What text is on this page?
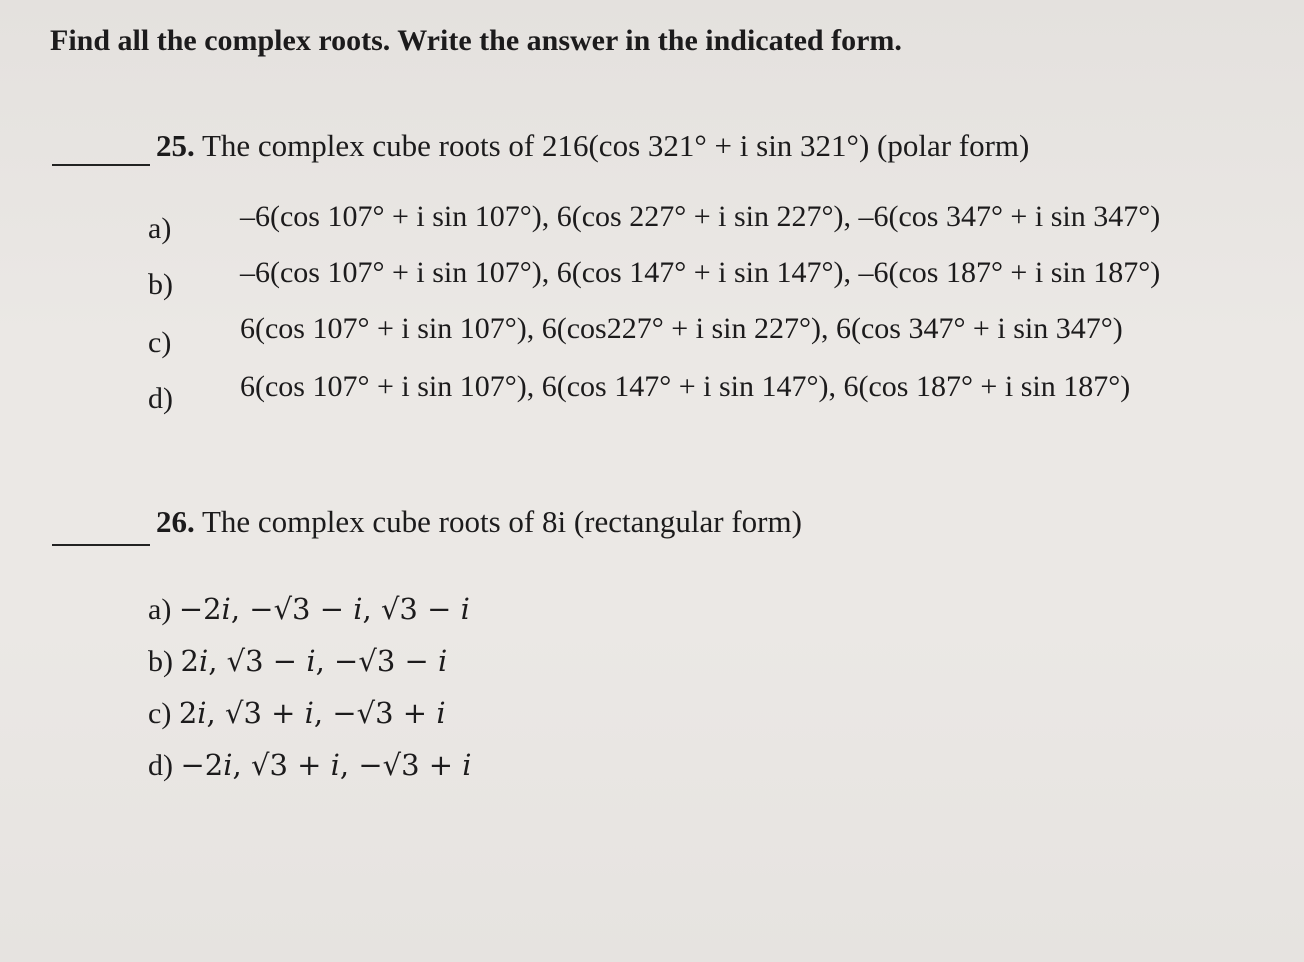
Find all the complex roots. Write the answer in the indicated form.
25. The complex cube roots of 216(cos 321° + i sin 321°) (polar form)
a) –6(cos 107° + i sin 107°), 6(cos 227° + i sin 227°), –6(cos 347° + i sin 347°)
b) –6(cos 107° + i sin 107°), 6(cos 147° + i sin 147°), –6(cos 187° + i sin 187°)
c) 6(cos 107° + i sin 107°), 6(cos227° + i sin 227°), 6(cos 347° + i sin 347°)
d) 6(cos 107° + i sin 107°), 6(cos 147° + i sin 147°), 6(cos 187° + i sin 187°)
26. The complex cube roots of 8i (rectangular form)
a) −2𝑖, −√3 − 𝑖, √3 − 𝑖
b) 2𝑖, √3 − 𝑖, −√3 − 𝑖
c) 2𝑖, √3 + 𝑖, −√3 + 𝑖
d) −2𝑖, √3 + 𝑖, −√3 + 𝑖
